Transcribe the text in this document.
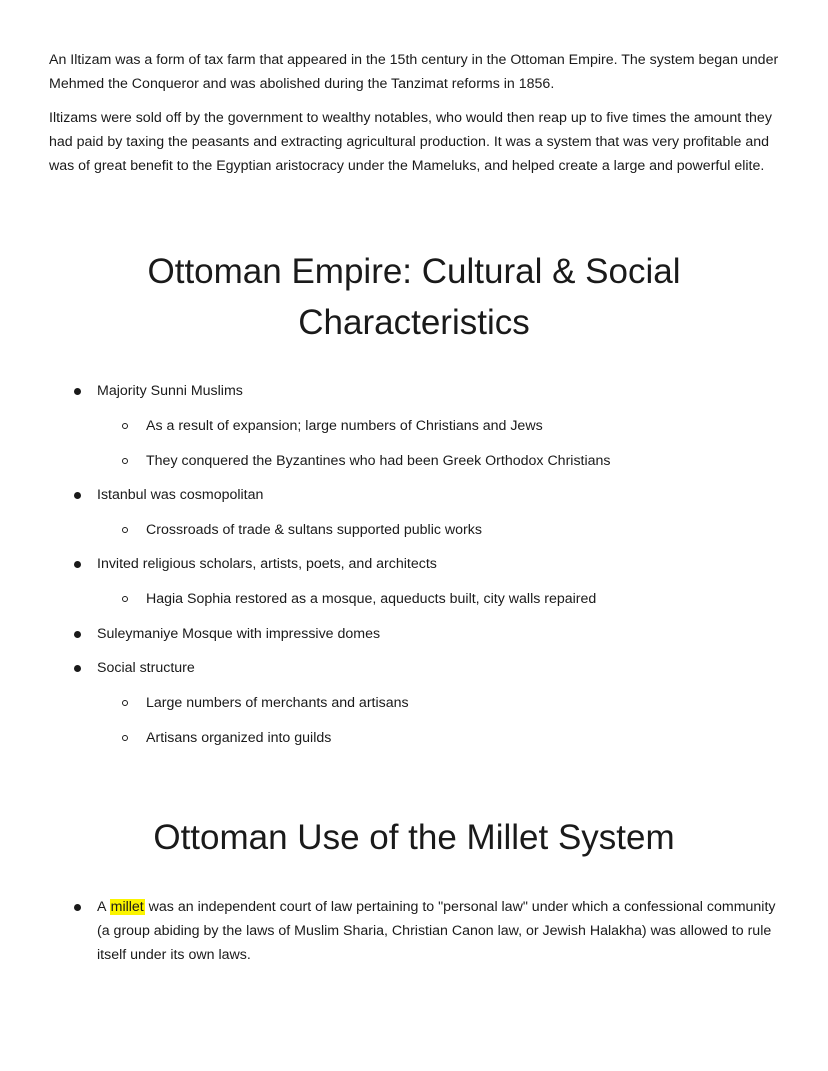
An Iltizam was a form of tax farm that appeared in the 15th century in the Ottoman Empire. The system began under Mehmed the Conqueror and was abolished during the Tanzimat reforms in 1856.

Iltizams were sold off by the government to wealthy notables, who would then reap up to five times the amount they had paid by taxing the peasants and extracting agricultural production. It was a system that was very profitable and was of great benefit to the Egyptian aristocracy under the Mameluks, and helped create a large and powerful elite.

Ottoman Empire: Cultural & Social Characteristics
Majority Sunni Muslims
As a result of expansion; large numbers of Christians and Jews
They conquered the Byzantines who had been Greek Orthodox Christians
Istanbul was cosmopolitan
Crossroads of trade & sultans supported public works
Invited religious scholars, artists, poets, and architects
Hagia Sophia restored as a mosque, aqueducts built, city walls repaired
Suleymaniye Mosque with impressive domes
Social structure
Large numbers of merchants and artisans
Artisans organized into guilds
Ottoman Use of the Millet System

A millet was an independent court of law pertaining to "personal law" under which a confessional community (a group abiding by the laws of Muslim Sharia, Christian Canon law, or Jewish Halakha) was allowed to rule itself under its own laws.
